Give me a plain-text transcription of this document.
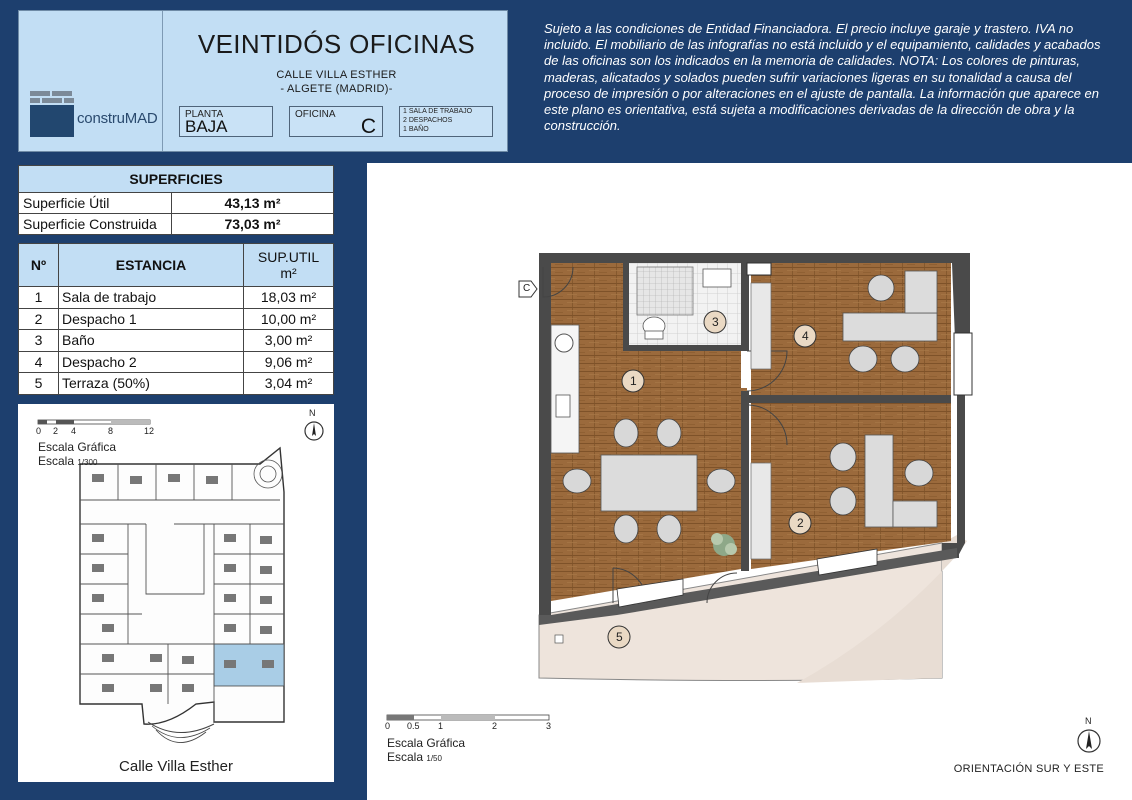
construMAD
VEINTIDÓS OFICINAS
CALLE VILLA ESTHER
- ALGETE (MADRID)-
PLANTA
BAJA
OFICINA
C
1 SALA DE TRABAJO
2 DESPACHOS
1 BAÑO
Sujeto a las condiciones de Entidad Financiadora. El precio incluye garaje y trastero. IVA no incluido. El mobiliario de las infografías no está incluido y el equipamiento, calidades y acabados de las oficinas son los indicados en la memoria de calidades. NOTA: Los colores de pinturas, maderas, alicatados y solados pueden sufrir variaciones ligeras en su tonalidad a causa del proceso de impresión o por alteraciones en el ajuste de pantalla. La información que aparece en este plano es orientativa, está sujeta a modificaciones derivadas de la dirección de obra y la construcción.
SUPERFICIES	
Superficie Útil	43,13 m²
Superficie Construida	73,03 m²
Nº	ESTANCIA	SUP.UTIL
m²

1	Sala de trabajo	18,03 m²
2	Despacho 1	10,00 m²
3	Baño	3,00 m²
4	Despacho 2	9,06 m²
5	Terraza (50%)	3,04 m²
0 2 4	8	12
N
Escala Gráfica
Escala 1/300
Calle Villa Esther
1
2
3
4
5
C
0 0.5 1	2	3
Escala Gráfica
Escala 1/50
N
ORIENTACIÓN SUR Y ESTE
